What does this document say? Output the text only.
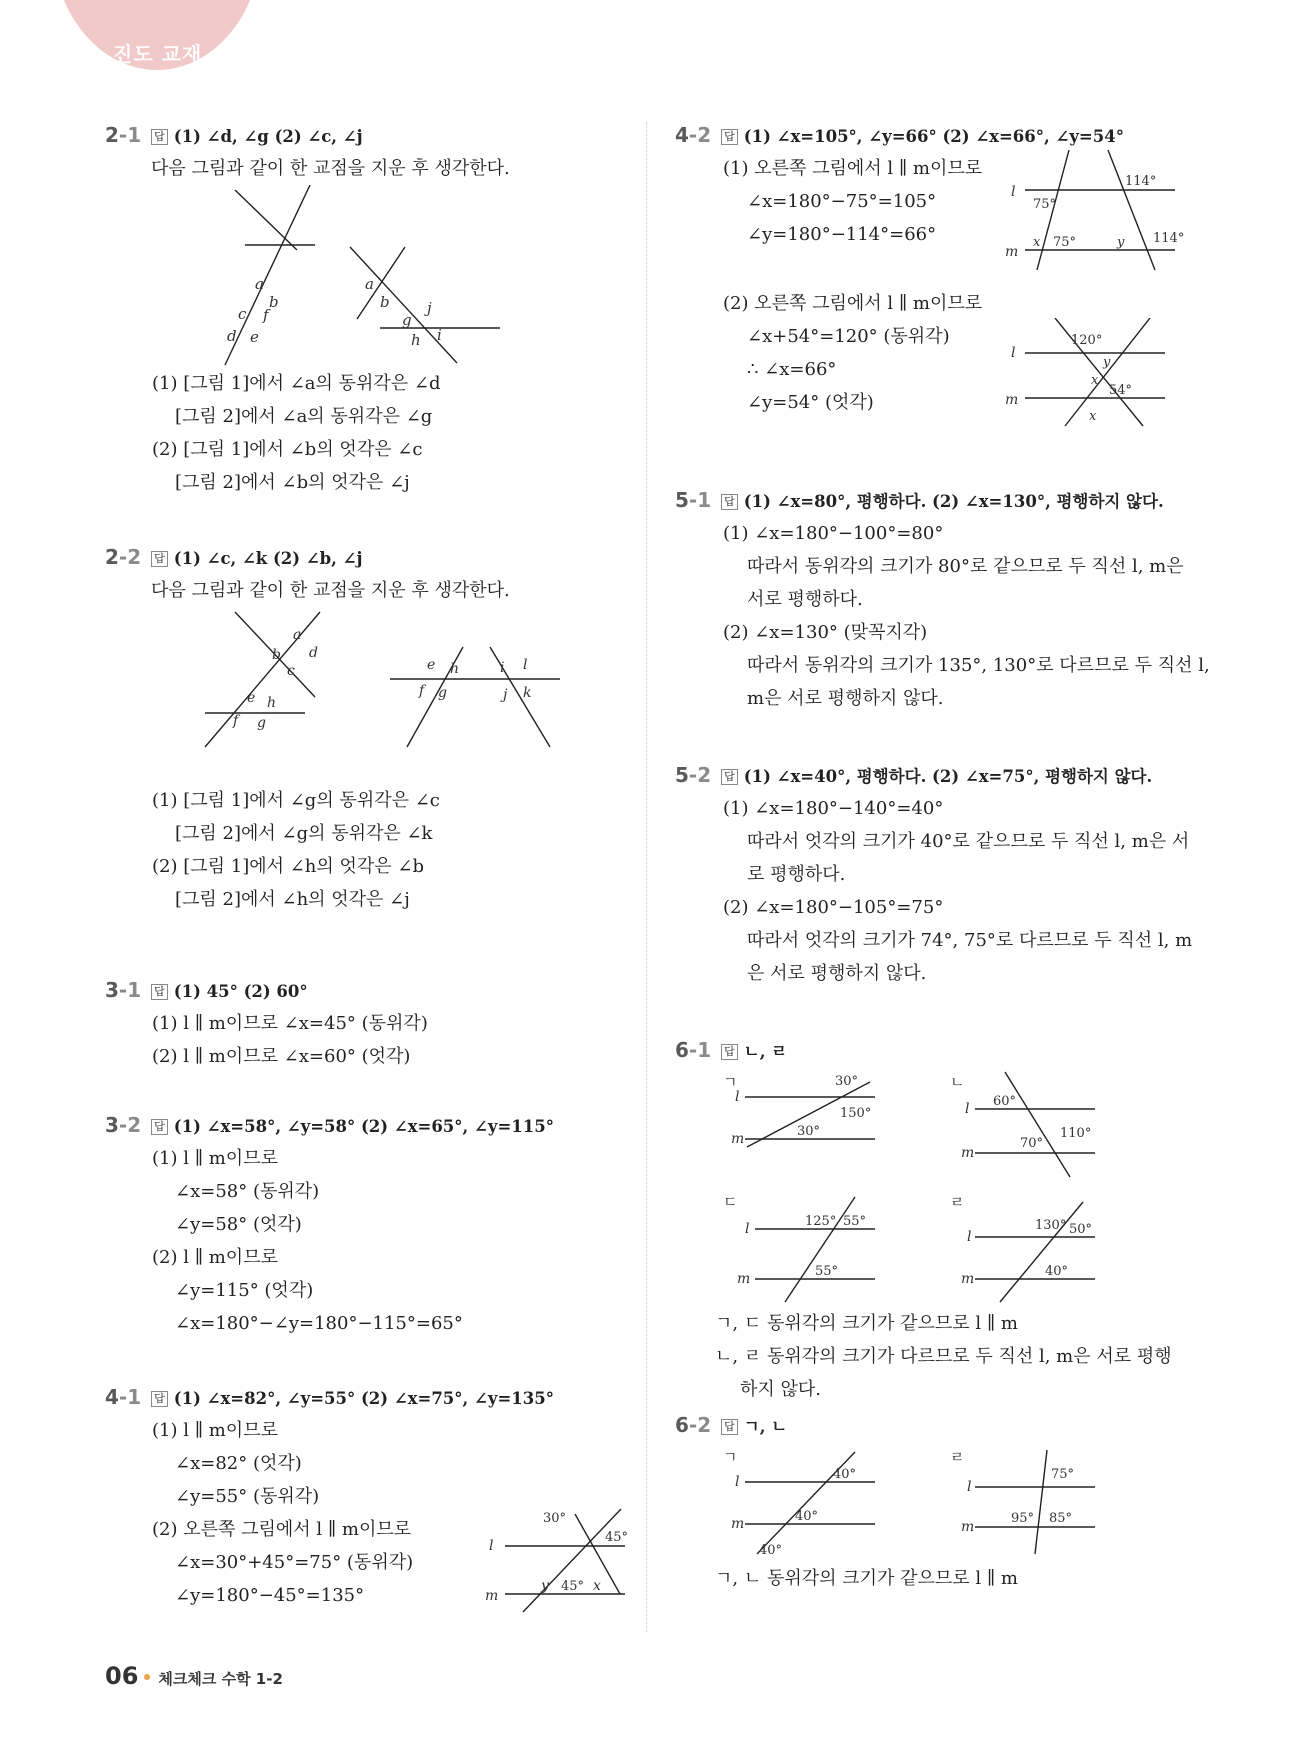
진도 교재
2-1 답 (1) ∠d, ∠g (2) ∠c, ∠j
다음 그림과 같이 한 교점을 지운 후 생각한다.
a
b
c f
d e
a
b
g
j
h i
(1) [그림 1]에서 ∠a의 동위각은 ∠d
[그림 2]에서 ∠a의 동위각은 ∠g
(2) [그림 1]에서 ∠b의 엇각은 ∠c
[그림 2]에서 ∠b의 엇각은 ∠j
2-2 답 (1) ∠c, ∠k (2) ∠b, ∠j
다음 그림과 같이 한 교점을 지운 후 생각한다.
a
b d
c
e h
f g
e h
f g
i l
j k
(1) [그림 1]에서 ∠g의 동위각은 ∠c
[그림 2]에서 ∠g의 동위각은 ∠k
(2) [그림 1]에서 ∠h의 엇각은 ∠b
[그림 2]에서 ∠h의 엇각은 ∠j
3-1 답 (1) 45° (2) 60°
(1) l ∥ m이므로 ∠x=45° (동위각)
(2) l ∥ m이므로 ∠x=60° (엇각)
3-2 답 (1) ∠x=58°, ∠y=58° (2) ∠x=65°, ∠y=115°
(1) l ∥ m이므로
∠x=58° (동위각)
∠y=58° (엇각)
(2) l ∥ m이므로
∠y=115° (엇각)
∠x=180°−∠y=180°−115°=65°
4-1 답 (1) ∠x=82°, ∠y=55° (2) ∠x=75°, ∠y=135°
(1) l ∥ m이므로
∠x=82° (엇각)
∠y=55° (동위각)
(2) 오른쪽 그림에서 l ∥ m이므로
∠x=30°+45°=75° (동위각)
∠y=180°−45°=135°
l
m
30°
45°
45°
y	x
4-2 답 (1) ∠x=105°, ∠y=66° (2) ∠x=66°, ∠y=54°
(1) 오른쪽 그림에서 l ∥ m이므로
∠x=180°−75°=105°
∠y=180°−114°=66°
(2) 오른쪽 그림에서 l ∥ m이므로
∠x+54°=120° (동위각)
∴ ∠x=66°
∠y=54° (엇각)
l
m
114°
75°
x 75°	y 114°
l
m
120°
y
x
54°
x
5-1 답 (1) ∠x=80°, 평행하다. (2) ∠x=130°, 평행하지 않다.
(1) ∠x=180°−100°=80°
따라서 동위각의 크기가 80°로 같으므로 두 직선 l, m은
서로 평행하다.
(2) ∠x=130° (맞꼭지각)
따라서 동위각의 크기가 135°, 130°로 다르므로 두 직선 l,
m은 서로 평행하지 않다.
5-2 답 (1) ∠x=40°, 평행하다. (2) ∠x=75°, 평행하지 않다.
(1) ∠x=180°−140°=40°
따라서 엇각의 크기가 40°로 같으므로 두 직선 l, m은 서
로 평행하다.
(2) ∠x=180°−105°=75°
따라서 엇각의 크기가 74°, 75°로 다르므로 두 직선 l, m
은 서로 평행하지 않다.
6-1 답 ㄴ, ㄹ
ㄱ
l
m
30°
150°
30°
ㄴ
l
m
60°
70°
110°
ㄷ
l
m
125° 55°
55°
ㄹ
l
m
130° 50°
40°
ㄱ, ㄷ 동위각의 크기가 같으므로 l ∥ m
ㄴ, ㄹ 동위각의 크기가 다르므로 두 직선 l, m은 서로 평행
하지 않다.
6-2 답 ㄱ, ㄴ
ㄱ
l
m
40°
40°
40°
ㄹ
l
m
75°
95° 85°
ㄱ, ㄴ 동위각의 크기가 같으므로 l ∥ m
06 체크체크 수학 1-2
